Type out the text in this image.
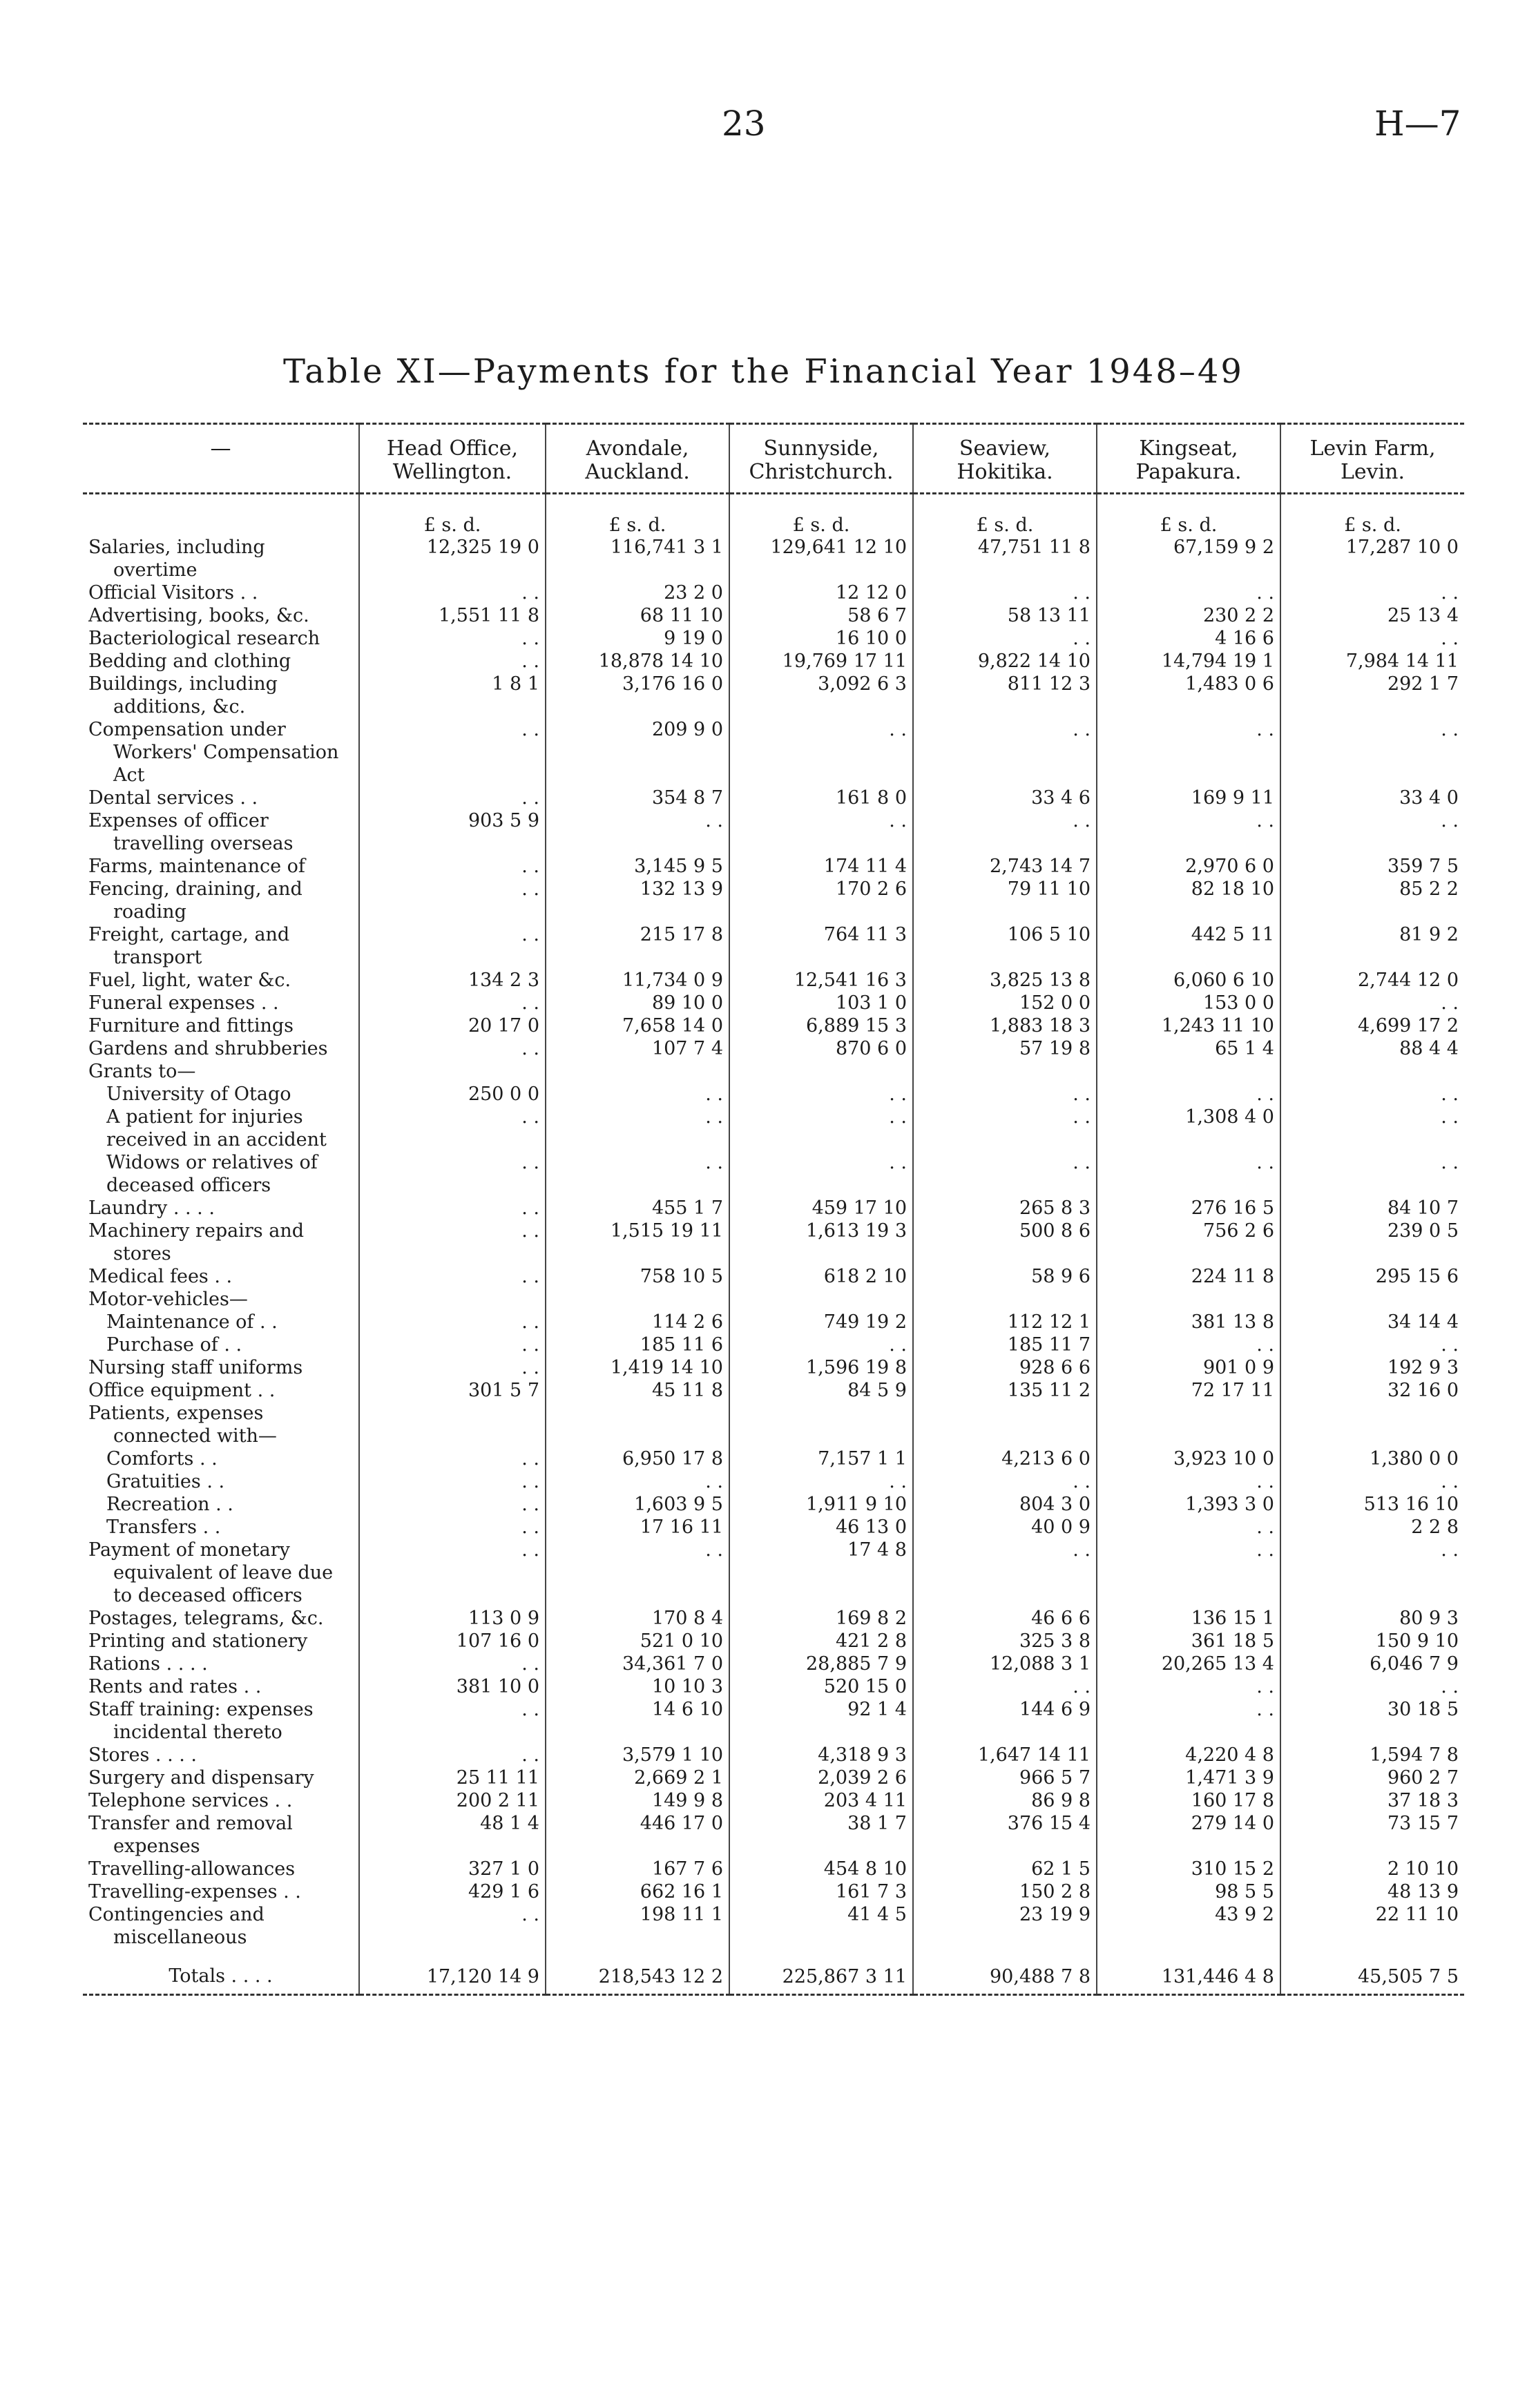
23	H—7
Table XI—Payments for the Financial Year 1948–49
—	Head Office, Wellington.	Avondale, Auckland.	Sunnyside, Christchurch.	Seaview, Hokitika.	Kingseat, Papakura.	Levin Farm, Levin.
	£ s. d.	£ s. d.	£ s. d.	£ s. d.	£ s. d.	£ s. d.

Salaries, including overtime	12,325 19 0	116,741 3 1	129,641 12 10	47,751 11 8	67,159 9 2	17,287 10 0

Official Visitors . .	. .	23 2 0	12 12 0	. .	. .	. .

Advertising, books, &c.	1,551 11 8	68 11 10	58 6 7	58 13 11	230 2 2	25 13 4

Bacteriological research	. .	9 19 0	16 10 0	. .	4 16 6	. .

Bedding and clothing	. .	18,878 14 10	19,769 17 11	9,822 14 10	14,794 19 1	7,984 14 11

Buildings, including additions, &c.	1 8 1	3,176 16 0	3,092 6 3	811 12 3	1,483 0 6	292 1 7

Compensation under Workers' Compensation Act	. .	209 9 0	. .	. .	. .	. .

Dental services . .	. .	354 8 7	161 8 0	33 4 6	169 9 11	33 4 0

Expenses of officer travelling overseas	903 5 9	. .	. .	. .	. .	. .

Farms, maintenance of	. .	3,145 9 5	174 11 4	2,743 14 7	2,970 6 0	359 7 5

Fencing, draining, and roading	. .	132 13 9	170 2 6	79 11 10	82 18 10	85 2 2

Freight, cartage, and transport	. .	215 17 8	764 11 3	106 5 10	442 5 11	81 9 2

Fuel, light, water &c.	134 2 3	11,734 0 9	12,541 16 3	3,825 13 8	6,060 6 10	2,744 12 0

Funeral expenses . .	. .	89 10 0	103 1 0	152 0 0	153 0 0	. .

Furniture and fittings	20 17 0	7,658 14 0	6,889 15 3	1,883 18 3	1,243 11 10	4,699 17 2

Gardens and shrubberies	. .	107 7 4	870 6 0	57 19 8	65 1 4	88 4 4

Grants to—						

University of Otago	250 0 0	. .	. .	. .	. .	. .

A patient for injuries received in an accident	. .	. .	. .	. .	1,308 4 0	. .

Widows or relatives of deceased officers	. .	. .	. .	. .	. .	. .

Laundry . . . .	. .	455 1 7	459 17 10	265 8 3	276 16 5	84 10 7

Machinery repairs and stores	. .	1,515 19 11	1,613 19 3	500 8 6	756 2 6	239 0 5

Medical fees . .	. .	758 10 5	618 2 10	58 9 6	224 11 8	295 15 6

Motor-vehicles—						

Maintenance of . .	. .	114 2 6	749 19 2	112 12 1	381 13 8	34 14 4

Purchase of . .	. .	185 11 6	. .	185 11 7	. .	. .

Nursing staff uniforms	. .	1,419 14 10	1,596 19 8	928 6 6	901 0 9	192 9 3

Office equipment . .	301 5 7	45 11 8	84 5 9	135 11 2	72 17 11	32 16 0

Patients, expenses connected with—						

Comforts . .	. .	6,950 17 8	7,157 1 1	4,213 6 0	3,923 10 0	1,380 0 0

Gratuities . .	. .	. .	. .	. .	. .	. .

Recreation . .	. .	1,603 9 5	1,911 9 10	804 3 0	1,393 3 0	513 16 10

Transfers . .	. .	17 16 11	46 13 0	40 0 9	. .	2 2 8

Payment of monetary equivalent of leave due to deceased officers	. .	. .	17 4 8	. .	. .	. .

Postages, telegrams, &c.	113 0 9	170 8 4	169 8 2	46 6 6	136 15 1	80 9 3

Printing and stationery	107 16 0	521 0 10	421 2 8	325 3 8	361 18 5	150 9 10

Rations . . . .	. .	34,361 7 0	28,885 7 9	12,088 3 1	20,265 13 4	6,046 7 9

Rents and rates . .	381 10 0	10 10 3	520 15 0	. .	. .	. .

Staff training: expenses incidental thereto	. .	14 6 10	92 1 4	144 6 9	. .	30 18 5

Stores . . . .	. .	3,579 1 10	4,318 9 3	1,647 14 11	4,220 4 8	1,594 7 8

Surgery and dispensary	25 11 11	2,669 2 1	2,039 2 6	966 5 7	1,471 3 9	960 2 7

Telephone services . .	200 2 11	149 9 8	203 4 11	86 9 8	160 17 8	37 18 3

Transfer and removal expenses	48 1 4	446 17 0	38 1 7	376 15 4	279 14 0	73 15 7

Travelling-allowances	327 1 0	167 7 6	454 8 10	62 1 5	310 15 2	2 10 10

Travelling-expenses . .	429 1 6	662 16 1	161 7 3	150 2 8	98 5 5	48 13 9

Contingencies and miscellaneous	. .	198 11 1	41 4 5	23 19 9	43 9 2	22 11 10
Totals . . . .	17,120 14 9	218,543 12 2	225,867 3 11	90,488 7 8	131,446 4 8	45,505 7 5
